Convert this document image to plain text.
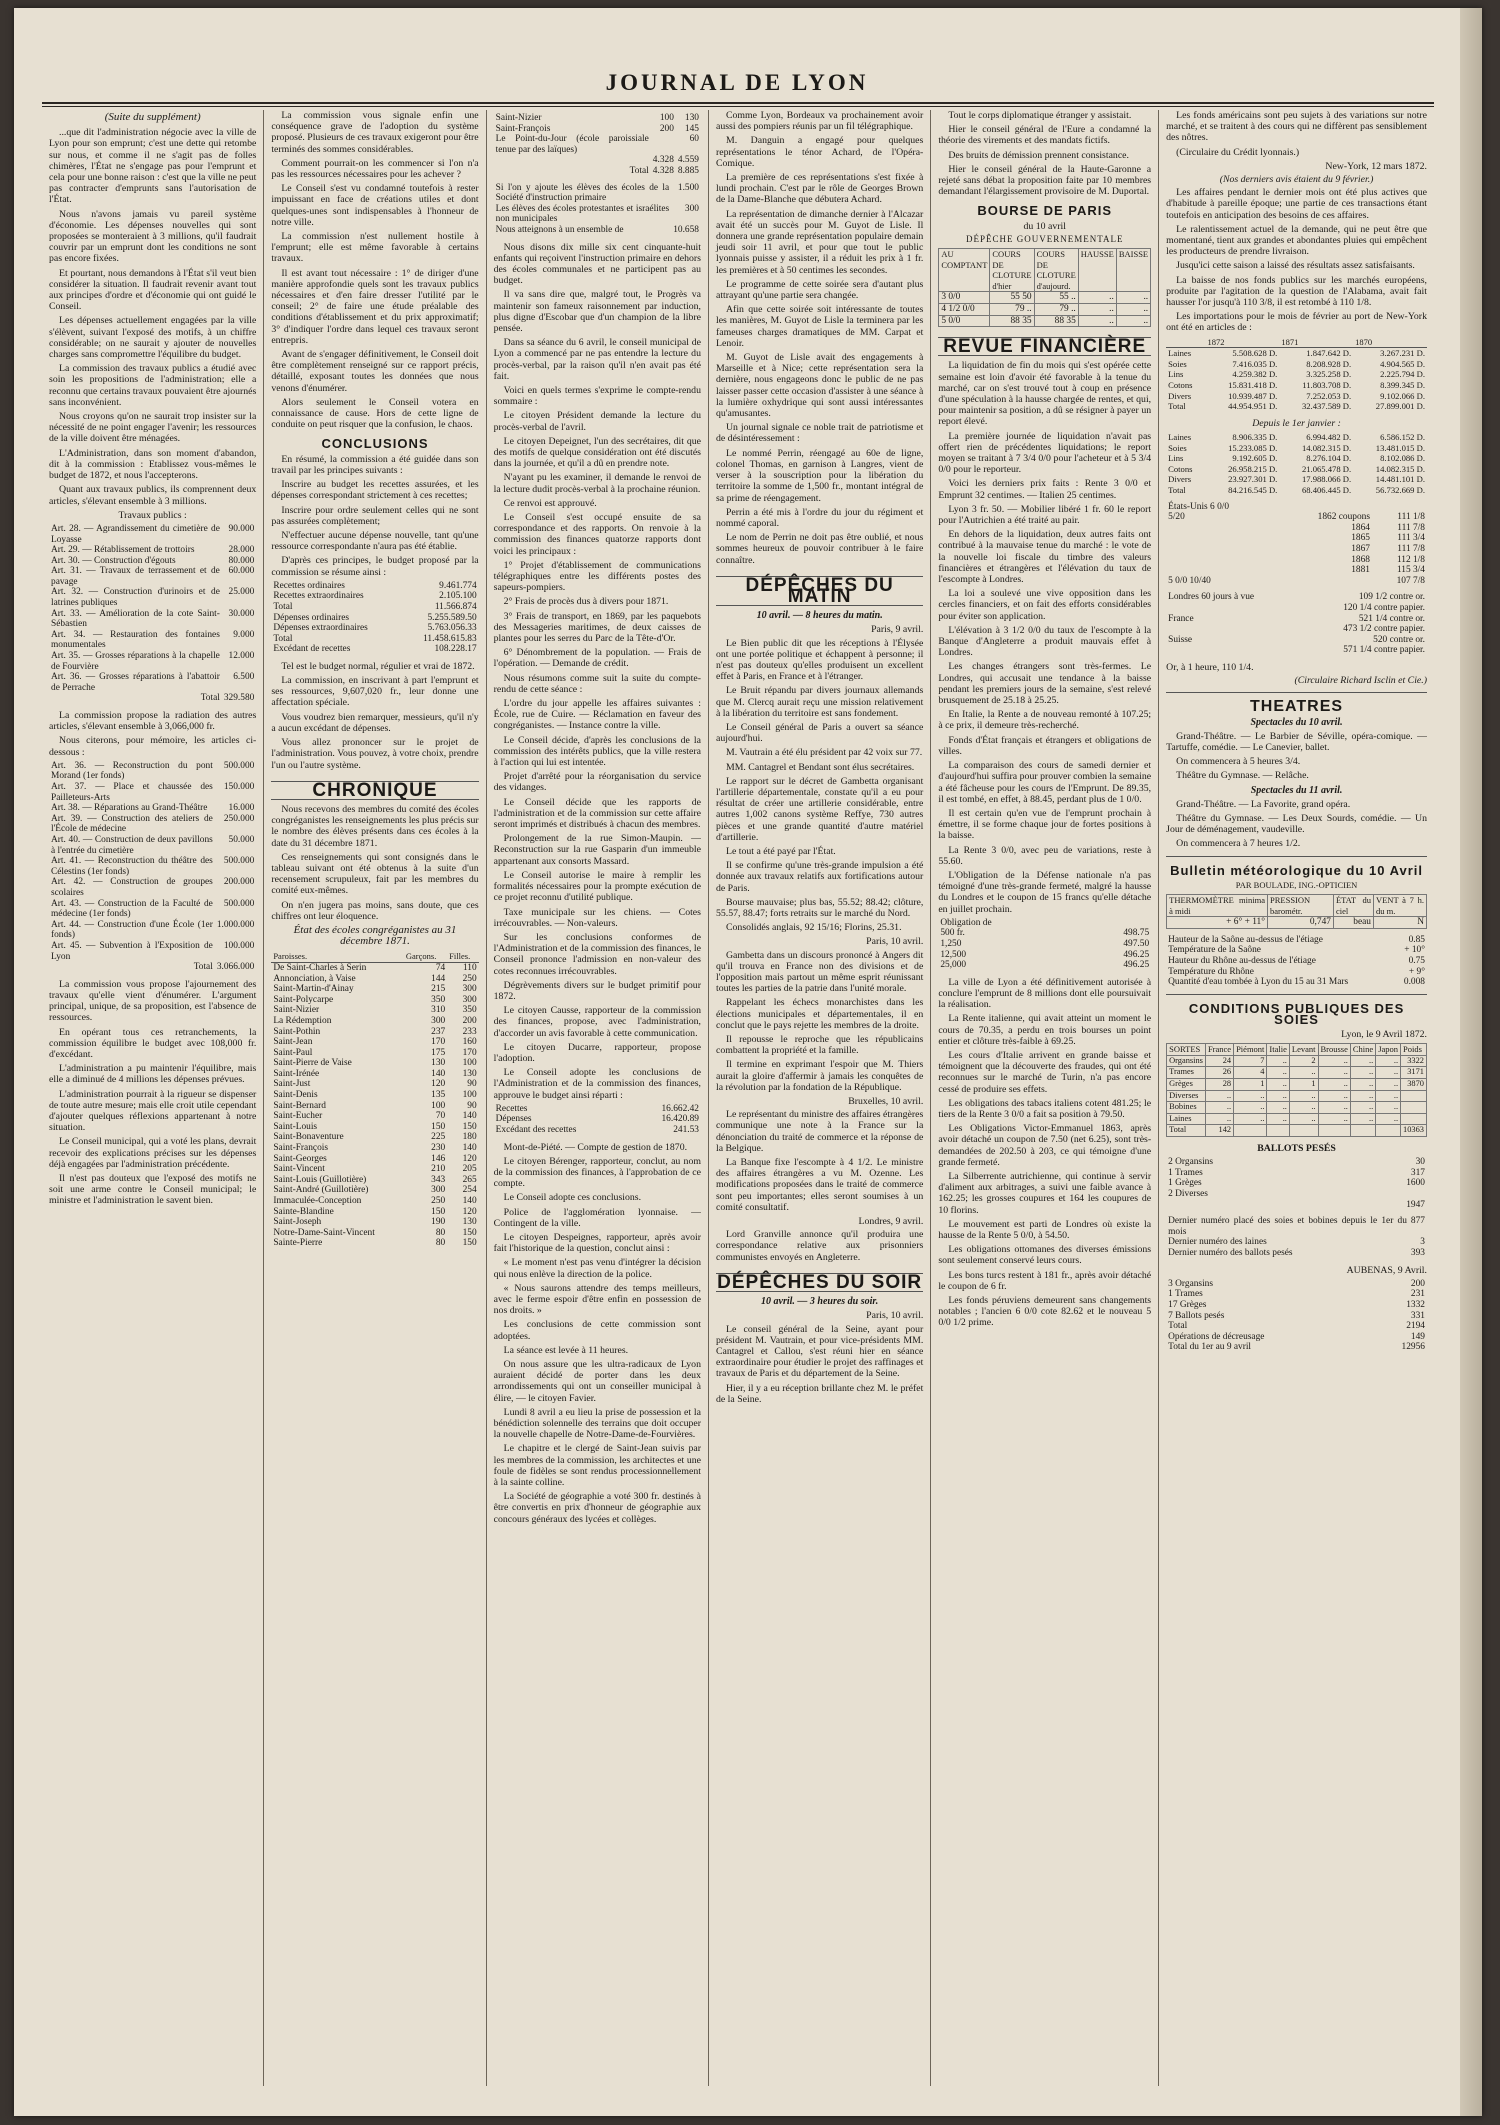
JOURNAL DE LYON
(Suite du supplément)

...que dit l'administration négocie avec la ville de Lyon pour son emprunt; c'est une dette qui retombe sur nous, et comme il ne s'agit pas de folles chimères, l'État ne s'engage pas pour l'emprunt et cela pour une bonne raison : c'est que la ville ne peut pas contracter d'emprunts sans l'autorisation de l'État.

Nous n'avons jamais vu pareil système d'économie. Les dépenses nouvelles qui sont proposées se monteraient à 3 millions, qu'il faudrait couvrir par un emprunt dont les conditions ne sont pas encore fixées.

Et pourtant, nous demandons à l'État s'il veut bien considérer la situation. Il faudrait revenir avant tout aux principes d'ordre et d'économie qui ont guidé le Conseil.

Les dépenses actuellement engagées par la ville s'élèvent, suivant l'exposé des motifs, à un chiffre considérable; on ne saurait y ajouter de nouvelles charges sans compromettre l'équilibre du budget.

La commission des travaux publics a étudié avec soin les propositions de l'administration; elle a reconnu que certains travaux pouvaient être ajournés sans inconvénient.

Nous croyons qu'on ne saurait trop insister sur la nécessité de ne point engager l'avenir; les ressources de la ville doivent être ménagées.

L'Administration, dans son moment d'abandon, dit à la commission : Etablissez vous-mêmes le budget de 1872, et nous l'accepterons.

Quant aux travaux publics, ils comprennent deux articles, s'élevant ensemble à 3 millions.

Travaux publics :
Art. 28. — Agrandissement du cimetière de Loyasse	90.000
Art. 29. — Rétablissement de trottoirs	28.000
Art. 30. — Construction d'égouts	80.000
Art. 31. — Travaux de terrassement et de pavage	60.000
Art. 32. — Construction d'urinoirs et de latrines publiques	25.000
Art. 33. — Amélioration de la cote Saint-Sébastien	30.000
Art. 34. — Restauration des fontaines monumentales	9.000
Art. 35. — Grosses réparations à la chapelle de Fourvière	12.000
Art. 36. — Grosses réparations à l'abattoir de Perrache	6.500
Total	329.580

La commission propose la radiation des autres articles, s'élevant ensemble à 3,066,000 fr.

Nous citerons, pour mémoire, les articles ci-dessous :

Art. 36. — Reconstruction du pont Morand (1er fonds)	500.000
Art. 37. — Place et chaussée des Pailleteurs-Arts	150.000
Art. 38. — Réparations au Grand-Théâtre	16.000
Art. 39. — Construction des ateliers de l'École de médecine	250.000
Art. 40. — Construction de deux pavillons à l'entrée du cimetière	50.000
Art. 41. — Reconstruction du théâtre des Célestins (1er fonds)	500.000
Art. 42. — Construction de groupes scolaires	200.000
Art. 43. — Construction de la Faculté de médecine (1er fonds)	500.000
Art. 44. — Construction d'une École (1er fonds)	1.000.000
Art. 45. — Subvention à l'Exposition de Lyon	100.000
Total	3.066.000

La commission vous propose l'ajournement des travaux qu'elle vient d'énumérer. L'argument principal, unique, de sa proposition, est l'absence de ressources.

En opérant tous ces retranchements, la commission équilibre le budget avec 108,000 fr. d'excédant.

L'administration a pu maintenir l'équilibre, mais elle a diminué de 4 millions les dépenses prévues.

L'administration pourrait à la rigueur se dispenser de toute autre mesure; mais elle croit utile cependant d'ajouter quelques réflexions appartenant à notre situation.

Le Conseil municipal, qui a voté les plans, devrait recevoir des explications précises sur les dépenses déjà engagées par l'administration précédente.

Il n'est pas douteux que l'exposé des motifs ne soit une arme contre le Conseil municipal; le ministre et l'administration le savent bien.

La commission vous signale enfin une conséquence grave de l'adoption du système proposé. Plusieurs de ces travaux exigeront pour être terminés des sommes considérables.

Comment pourrait-on les commencer si l'on n'a pas les ressources nécessaires pour les achever ?

Le Conseil s'est vu condamné toutefois à rester impuissant en face de créations utiles et dont quelques-unes sont indispensables à l'honneur de notre ville.

La commission n'est nullement hostile à l'emprunt; elle est même favorable à certains travaux.

Il est avant tout nécessaire : 1° de diriger d'une manière approfondie quels sont les travaux publics nécessaires et d'en faire dresser l'utilité par le conseil; 2° de faire une étude préalable des conditions d'établissement et du prix approximatif; 3° d'indiquer l'ordre dans lequel ces travaux seront entrepris.

Avant de s'engager définitivement, le Conseil doit être complètement renseigné sur ce rapport précis, détaillé, exposant toutes les données que nous venons d'énumérer.

Alors seulement le Conseil votera en connaissance de cause. Hors de cette ligne de conduite on peut risquer que la confusion, le chaos.

CONCLUSIONS

En résumé, la commission a été guidée dans son travail par les principes suivants :

Inscrire au budget les recettes assurées, et les dépenses correspondant strictement à ces recettes;

Inscrire pour ordre seulement celles qui ne sont pas assurées complètement;

N'effectuer aucune dépense nouvelle, tant qu'une ressource correspondante n'aura pas été établie.

D'après ces principes, le budget proposé par la commission se résume ainsi :

Recettes ordinaires	9.461.774
Recettes extraordinaires	2.105.100
Total	11.566.874
Dépenses ordinaires	5.255.589.50
Dépenses extraordinaires	5.763.056.33
Total	11.458.615.83
Excédant de recettes	108.228.17

Tel est le budget normal, régulier et vrai de 1872.

La commission, en inscrivant à part l'emprunt et ses ressources, 9,607,020 fr., leur donne une affectation spéciale.

Vous voudrez bien remarquer, messieurs, qu'il n'y a aucun excédant de dépenses.

Vous allez prononcer sur le projet de l'administration. Vous pouvez, à votre choix, prendre l'un ou l'autre système.

CHRONIQUE

Nous recevons des membres du comité des écoles congréganistes les renseignements les plus précis sur le nombre des élèves présents dans ces écoles à la date du 31 décembre 1871.

Ces renseignements qui sont consignés dans le tableau suivant ont été obtenus à la suite d'un recensement scrupuleux, fait par les membres du comité eux-mêmes.

On n'en jugera pas moins, sans doute, que ces chiffres ont leur éloquence.

État des écoles congréganistes au 31 décembre 1871.
Paroisses.	Garçons.	Filles.
De Saint-Charles à Serin	74	110
Annonciation, à Vaise	144	250
Saint-Martin-d'Ainay	215	300
Saint-Polycarpe	350	300
Saint-Nizier	310	350
La Rédemption	300	200
Saint-Pothin	237	233
Saint-Jean	170	160
Saint-Paul	175	170
Saint-Pierre de Vaise	130	100
Saint-Irénée	140	130
Saint-Just	120	90
Saint-Denis	135	100
Saint-Bernard	100	90
Saint-Eucher	70	140
Saint-Louis	150	150
Saint-Bonaventure	225	180
Saint-François	230	140
Saint-Georges	146	120
Saint-Vincent	210	205
Saint-Louis (Guillotière)	343	265
Saint-André (Guillotière)	300	254
Immaculée-Conception	250	140
Sainte-Blandine	150	120
Saint-Joseph	190	130
Notre-Dame-Saint-Vincent	80	150
Sainte-Pierre	80	150
Saint-Nizier	100	130
Saint-François	200	145
Le Point-du-Jour (école paroissiale tenue par des laïques)		60
	4.328	4.559
Total	4.328	8.885
Si l'on y ajoute les élèves des écoles de la Société d'instruction primaire	1.500
Les élèves des écoles protestantes et israélites non municipales	300
Nous atteignons à un ensemble de	10.658

Nous disons dix mille six cent cinquante-huit enfants qui reçoivent l'instruction primaire en dehors des écoles communales et ne participent pas au budget.

Il va sans dire que, malgré tout, le Progrès va maintenir son fameux raisonnement par induction, plus digne d'Escobar que d'un champion de la libre pensée.

Dans sa séance du 6 avril, le conseil municipal de Lyon a commencé par ne pas entendre la lecture du procès-verbal, par la raison qu'il n'en avait pas été fait.

Voici en quels termes s'exprime le compte-rendu sommaire :

Le citoyen Président demande la lecture du procès-verbal de l'avril.

Le citoyen Depeignet, l'un des secrétaires, dit que des motifs de quelque considération ont été discutés dans la journée, et qu'il a dû en prendre note.

N'ayant pu les examiner, il demande le renvoi de la lecture dudit procès-verbal à la prochaine réunion.

Ce renvoi est approuvé.

Le Conseil s'est occupé ensuite de sa correspondance et des rapports. On renvoie à la commission des finances quatorze rapports dont voici les principaux :

1° Projet d'établissement de communications télégraphiques entre les différents postes des sapeurs-pompiers.

2° Frais de procès dus à divers pour 1871.

3° Frais de transport, en 1869, par les paquebots des Messageries maritimes, de deux caisses de plantes pour les serres du Parc de la Tête-d'Or.

6° Dénombrement de la population. — Frais de l'opération. — Demande de crédit.

Nous résumons comme suit la suite du compte-rendu de cette séance :

L'ordre du jour appelle les affaires suivantes : École, rue de Cuire. — Réclamation en faveur des congréganistes. — Instance contre la ville.

Le Conseil décide, d'après les conclusions de la commission des intérêts publics, que la ville restera à l'action qui lui est intentée.

Projet d'arrêté pour la réorganisation du service des vidanges.

Le Conseil décide que les rapports de l'administration et de la commission sur cette affaire seront imprimés et distribués à chacun des membres.

Prolongement de la rue Simon-Maupin. — Reconstruction sur la rue Gasparin d'un immeuble appartenant aux consorts Massard.

Le Conseil autorise le maire à remplir les formalités nécessaires pour la prompte exécution de ce projet reconnu d'utilité publique.

Taxe municipale sur les chiens. — Cotes irrécouvrables. — Non-valeurs.

Sur les conclusions conformes de l'Administration et de la commission des finances, le Conseil prononce l'admission en non-valeur des cotes reconnues irrécouvrables.

Dégrèvements divers sur le budget primitif pour 1872.

Le citoyen Causse, rapporteur de la commission des finances, propose, avec l'administration, d'accorder un avis favorable à cette communication.

Le citoyen Ducarre, rapporteur, propose l'adoption.

Le Conseil adopte les conclusions de l'Administration et de la commission des finances, approuve le budget ainsi réparti :

Recettes	16.662.42
Dépenses	16.420.89
Excédant des recettes	241.53

Mont-de-Piété. — Compte de gestion de 1870.

Le citoyen Bérenger, rapporteur, conclut, au nom de la commission des finances, à l'approbation de ce compte.

Le Conseil adopte ces conclusions.

Police de l'agglomération lyonnaise. — Contingent de la ville.

Le citoyen Despeignes, rapporteur, après avoir fait l'historique de la question, conclut ainsi :

« Le moment n'est pas venu d'intégrer la décision qui nous enlève la direction de la police.

« Nous saurons attendre des temps meilleurs, avec le ferme espoir d'être enfin en possession de nos droits. »

Les conclusions de cette commission sont adoptées.

La séance est levée à 11 heures.

On nous assure que les ultra-radicaux de Lyon auraient décidé de porter dans les deux arrondissements qui ont un conseiller municipal à élire, — le citoyen Favier.

Lundi 8 avril a eu lieu la prise de possession et la bénédiction solennelle des terrains que doit occuper la nouvelle chapelle de Notre-Dame-de-Fourvières.

Le chapitre et le clergé de Saint-Jean suivis par les membres de la commission, les architectes et une foule de fidèles se sont rendus processionnellement à la sainte colline.

La Société de géographie a voté 300 fr. destinés à être convertis en prix d'honneur de géographie aux concours généraux des lycées et collèges.

Comme Lyon, Bordeaux va prochainement avoir aussi des pompiers réunis par un fil télégraphique.

M. Danguin a engagé pour quelques représentations le ténor Achard, de l'Opéra-Comique.

La première de ces représentations s'est fixée à lundi prochain. C'est par le rôle de Georges Brown de la Dame-Blanche que débutera Achard.

La représentation de dimanche dernier à l'Alcazar avait été un succès pour M. Guyot de Lisle. Il donnera une grande représentation populaire demain jeudi soir 11 avril, et pour que tout le public lyonnais puisse y assister, il a réduit les prix à 1 fr. les premières et à 50 centimes les secondes.

Le programme de cette soirée sera d'autant plus attrayant qu'une partie sera changée.

Afin que cette soirée soit intéressante de toutes les manières, M. Guyot de Lisle la terminera par les fameuses charges dramatiques de MM. Carpat et Lenoir.

M. Guyot de Lisle avait des engagements à Marseille et à Nice; cette représentation sera la dernière, nous engageons donc le public de ne pas laisser passer cette occasion d'assister à une séance à la lumière oxhydrique qui sont aussi intéressantes qu'amusantes.

Un journal signale ce noble trait de patriotisme et de désintéressement :

Le nommé Perrin, réengagé au 60e de ligne, colonel Thomas, en garnison à Langres, vient de verser à la souscription pour la libération du territoire la somme de 1,500 fr., montant intégral de sa prime de réengagement.

Perrin a été mis à l'ordre du jour du régiment et nommé caporal.

Le nom de Perrin ne doit pas être oublié, et nous sommes heureux de pouvoir contribuer à le faire connaître.

DÉPÊCHES DU MATIN
10 avril. — 8 heures du matin.
Paris, 9 avril.

Le Bien public dit que les réceptions à l'Élysée ont une portée politique et échappent à personne; il n'est pas douteux qu'elles produisent un excellent effet à Paris, en France et à l'étranger.

Le Bruit répandu par divers journaux allemands que M. Clercq aurait reçu une mission relativement à la libération du territoire est sans fondement.

Le Conseil général de Paris a ouvert sa séance aujourd'hui.

M. Vautrain a été élu président par 42 voix sur 77.

MM. Cantagrel et Bendant sont élus secrétaires.

Le rapport sur le décret de Gambetta organisant l'artillerie départementale, constate qu'il a eu pour résultat de créer une artillerie considérable, entre autres 1,002 canons système Reffye, 730 autres pièces et une grande quantité d'autre matériel d'artillerie.

Le tout a été payé par l'État.

Il se confirme qu'une très-grande impulsion a été donnée aux travaux relatifs aux fortifications autour de Paris.

Bourse mauvaise; plus bas, 55.52; 88.42; clôture, 55.57, 88.47; forts retraits sur le marché du Nord.

Consolidés anglais, 92 15/16; Florins, 25.31.

Paris, 10 avril.

Gambetta dans un discours prononcé à Angers dit qu'il trouva en France non des divisions et de l'opposition mais partout un même esprit réunissant toutes les parties de la patrie dans l'unité morale.

Rappelant les échecs monarchistes dans les élections municipales et départementales, il en conclut que le pays rejette les membres de la droite.

Il repousse le reproche que les républicains combattent la propriété et la famille.

Il termine en exprimant l'espoir que M. Thiers aurait la gloire d'affermir à jamais les conquêtes de la révolution par la fondation de la République.

Bruxelles, 10 avril.

Le représentant du ministre des affaires étrangères communique une note à la France sur la dénonciation du traité de commerce et la réponse de la Belgique.

La Banque fixe l'escompte à 4 1/2. Le ministre des affaires étrangères a vu M. Ozenne. Les modifications proposées dans le traité de commerce sont peu importantes; elles seront soumises à un comité consultatif.

Londres, 9 avril.

Lord Granville annonce qu'il produira une correspondance relative aux prisonniers communistes envoyés en Angleterre.

DÉPÊCHES DU SOIR
10 avril. — 3 heures du soir.
Paris, 10 avril.

Le conseil général de la Seine, ayant pour président M. Vautrain, et pour vice-présidents MM. Cantagrel et Callou, s'est réuni hier en séance extraordinaire pour étudier le projet des raffinages et travaux de Paris et du département de la Seine.

Hier, il y a eu réception brillante chez M. le préfet de la Seine.

Tout le corps diplomatique étranger y assistait.

Hier le conseil général de l'Eure a condamné la théorie des virements et des mandats fictifs.

Des bruits de démission prennent consistance.

Hier le conseil général de la Haute-Garonne a rejeté sans débat la proposition faite par 10 membres demandant l'élargissement provisoire de M. Duportal.

BOURSE DE PARIS
du 10 avril
DÉPÊCHE GOUVERNEMENTALE
AU COMPTANT	COURS DE CLOTURE d'hier	COURS DE CLOTURE d'aujourd.	HAUSSE	BAISSE
3 0/0	55 50	55 ..	..	..
4 1/2 0/0	79 ..	79 ..	..	..
5 0/0	88 35	88 35	..	..
REVUE FINANCIÈRE

La liquidation de fin du mois qui s'est opérée cette semaine est loin d'avoir été favorable à la tenue du marché, car on s'est trouvé tout à coup en présence d'une spéculation à la hausse chargée de rentes, et qui, pour maintenir sa position, a dû se résigner à payer un report élevé.

La première journée de liquidation n'avait pas offert rien de précédentes liquidations; le report moyen se traitant à 7 3/4 0/0 pour l'acheteur et à 5 3/4 0/0 pour le reporteur.

Voici les derniers prix faits : Rente 3 0/0 et Emprunt 32 centimes. — Italien 25 centimes.

Lyon 3 fr. 50. — Mobilier libéré 1 fr. 60 le report pour l'Autrichien a été traité au pair.

En dehors de la liquidation, deux autres faits ont contribué à la mauvaise tenue du marché : le vote de la nouvelle loi fiscale du timbre des valeurs financières et étrangères et l'élévation du taux de l'escompte à Londres.

La loi a soulevé une vive opposition dans les cercles financiers, et on fait des efforts considérables pour éviter son application.

L'élévation à 3 1/2 0/0 du taux de l'escompte à la Banque d'Angleterre a produit mauvais effet à Londres.

Les changes étrangers sont très-fermes. Le Londres, qui accusait une tendance à la baisse pendant les premiers jours de la semaine, s'est relevé brusquement de 25.18 à 25.25.

En Italie, la Rente a de nouveau remonté à 107.25; à ce prix, il demeure très-recherché.

Fonds d'État français et étrangers et obligations de villes.

La comparaison des cours de samedi dernier et d'aujourd'hui suffira pour prouver combien la semaine a été fâcheuse pour les cours de l'Emprunt. De 89.35, il est tombé, en effet, à 88.45, perdant plus de 1 0/0.

Il est certain qu'en vue de l'emprunt prochain à émettre, il se forme chaque jour de fortes positions à la baisse.

La Rente 3 0/0, avec peu de variations, reste à 55.60.

L'Obligation de la Défense nationale n'a pas témoigné d'une très-grande fermeté, malgré la hausse du Londres et le coupon de 15 francs qu'elle détache en juillet prochain.

Obligation de	
500 fr.	498.75
1,250	497.50
12,500	496.25
25,000	496.25

La ville de Lyon a été définitivement autorisée à conclure l'emprunt de 8 millions dont elle poursuivait la réalisation.

La Rente italienne, qui avait atteint un moment le cours de 70.35, a perdu en trois bourses un point entier et clôture très-faible à 69.25.

Les cours d'Italie arrivent en grande baisse et témoignent que la découverte des fraudes, qui ont été reconnues sur le marché de Turin, n'a pas encore cessé de produire ses effets.

Les obligations des tabacs italiens cotent 481.25; le tiers de la Rente 3 0/0 a fait sa position à 79.50.

Les Obligations Victor-Emmanuel 1863, après avoir détaché un coupon de 7.50 (net 6.25), sont très-demandées de 202.50 à 203, ce qui témoigne d'une grande fermeté.

La Silberrente autrichienne, qui continue à servir d'aliment aux arbitrages, a suivi une faible avance à 162.25; les grosses coupures et 164 les coupures de 10 florins.

Le mouvement est parti de Londres où existe la hausse de la Rente 5 0/0, à 54.50.

Les obligations ottomanes des diverses émissions sont seulement conservé leurs cours.

Les bons turcs restent à 181 fr., après avoir détaché le coupon de 6 fr.

Les fonds péruviens demeurent sans changements notables ; l'ancien 6 0/0 cote 82.62 et le nouveau 5 0/0 1/2 prime.

Les fonds américains sont peu sujets à des variations sur notre marché, et se traitent à des cours qui ne diffèrent pas sensiblement des nôtres.

(Circulaire du Crédit lyonnais.)

New-York, 12 mars 1872.
(Nos derniers avis étaient du 9 février.)

Les affaires pendant le dernier mois ont été plus actives que d'habitude à pareille époque; une partie de ces transactions étant toutefois en anticipation des besoins de ces affaires.

Le ralentissement actuel de la demande, qui ne peut être que momentané, tient aux grandes et abondantes pluies qui empêchent les producteurs de prendre livraison.

Jusqu'ici cette saison a laissé des résultats assez satisfaisants.

La baisse de nos fonds publics sur les marchés européens, produite par l'agitation de la question de l'Alabama, avait fait hausser l'or jusqu'à 110 3/8, il est retombé à 110 1/8.

Les importations pour le mois de février au port de New-York ont été en articles de :

	1872	1871	1870
Laines	5.508.628 D.	1.847.642 D.	3.267.231 D.
Soies	7.416.035 D.	8.208.928 D.	4.904.565 D.
Lins	4.259.382 D.	3.325.258 D.	2.225.794 D.
Cotons	15.831.418 D.	11.803.708 D.	8.399.345 D.
Divers	10.939.487 D.	7.252.053 D.	9.102.066 D.
Total	44.954.951 D.	32.437.589 D.	27.899.001 D.
Depuis le 1er janvier :
Laines	8.906.335 D.	6.994.482 D.	6.586.152 D.
Soies	15.233.085 D.	14.082.315 D.	13.481.015 D.
Lins	9.192.605 D.	8.276.104 D.	8.102.086 D.
Cotons	26.958.215 D.	21.065.478 D.	14.082.315 D.
Divers	23.927.301 D.	17.988.066 D.	14.481.101 D.
Total	84.216.545 D.	68.406.445 D.	56.732.669 D.
États-Unis 6 0/0		
5/20	1862 coupons	111 1/8
	1864	111 7/8
	1865	111 3/4
	1867	111 7/8
	1868	112 1/8
	1881	115 3/4
5 0/0 10/40		107 7/8
Londres 60 jours à vue	109 1/2 contre or.
	120 1/4 contre papier.
France	521 1/4 contre or.
	473 1/2 contre papier.
Suisse	520 contre or.
	571 1/4 contre papier.
Or, à 1 heure, 110 1/4.
(Circulaire Richard Isclin et Cie.)
THEATRES
Spectacles du 10 avril.

Grand-Théâtre. — Le Barbier de Séville, opéra-comique. — Tartuffe, comédie. — Le Canevier, ballet.

On commencera à 5 heures 3/4.

Théâtre du Gymnase. — Relâche.

Spectacles du 11 avril.

Grand-Théâtre. — La Favorite, grand opéra.

Théâtre du Gymnase. — Les Deux Sourds, comédie. — Un Jour de déménagement, vaudeville.

On commencera à 7 heures 1/2.

Bulletin météorologique du 10 Avril
PAR BOULADE, ING.-OPTICIEN
THERMOMÈTRE minima à midi	PRESSION barométr.	ÉTAT du ciel	VENT à 7 h. du m.
+ 6° + 11°	0,747	beau	N
Hauteur de la Saône au-dessus de l'étiage	0.85
Température de la Saône	+ 10°
Hauteur du Rhône au-dessus de l'étiage	0.75
Température du Rhône	+ 9°
Quantité d'eau tombée à Lyon du 15 au 31 Mars	0.008
CONDITIONS PUBLIQUES DES SOIES
Lyon, le 9 Avril 1872.
SORTES	France	Piémont	Italie	Levant	Brousse	Chine	Japon	Poids
Organsins	24	7	..	2	..	..	..	3322
Trames	26	4	..	..	..	..	..	3171
Grèges	28	1	..	1	..	..	..	3870
Diverses	..	..	..	..	..	..	..	
Bobines	..	..	..	..	..	..	..	
Laines	..	..	..	..	..	..	..	
Total	142							10363
BALLOTS PESÉS
2 Organsins	30
1 Trames	317
1 Grèges	1600
2 Diverses	
	1947
Dernier numéro placé des soies et bobines depuis le 1er du mois	877
Dernier numéro des laines	3
Dernier numéro des ballots pesés	393
AUBENAS, 9 Avril.
3 Organsins	200
1 Trames	231
17 Grèges	1332
7 Ballots pesés	331
Total	2194
Opérations de décreusage	149
Total du 1er au 9 avril	12956
